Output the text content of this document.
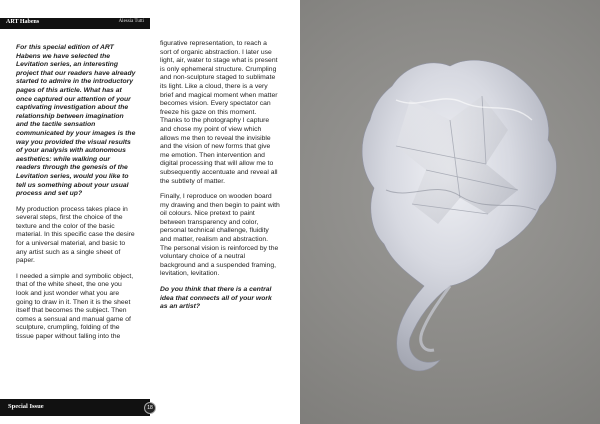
ART Habens	Alessia Tutti

For this special edition of ART Habens we have selected the Levitation series, an interesting project that our readers have already started to admire in the introductory pages of this article. What has at once captured our attention of your captivating investigation about the relationship between imagination and the tactile sensation communicated by your images is the way you provided the visual results of your analysis with autonomous aesthetics: while walking our readers through the genesis of the Levitation series, would you like to tell us something about your usual process and set up?

My production process takes place in several steps, first the choice of the texture and the color of the basic material. In this specific case the desire for a universal material, and basic to any artist such as a single sheet of paper.

I needed a simple and symbolic object, that of the white sheet, the one you look and just wonder what you are going to draw in it. Then it is the sheet itself that becomes the subject. Then comes a sensual and manual game of sculpture, crumpling, folding of the tissue paper without falling into the

figurative representation, to reach a sort of organic abstraction. I later use light, air, water to stage what is present is only ephemeral structure. Crumpling and non-sculpture staged to sublimate its light. Like a cloud, there is a very brief and magical moment when matter becomes vision. Every spectator can freeze his gaze on this moment. Thanks to the photography I capture and chose my point of view which allows me then to reveal the invisible and the vision of new forms that give me emotion. Then intervention and digital processing that will allow me to subsequently accentuate and reveal all the subtlety of matter.

Finally, I reproduce on wooden board my drawing and then begin to paint with oil colours. Nice pretext to paint between transparency and color, personal technical challenge, fluidity and matter, realism and abstraction. The personal vision is reinforced by the voluntary choice of a neutral background and a suspended framing, levitation, levitation.

Do you think that there is a central idea that connects all of your work as an artist?

Special Issue	18
